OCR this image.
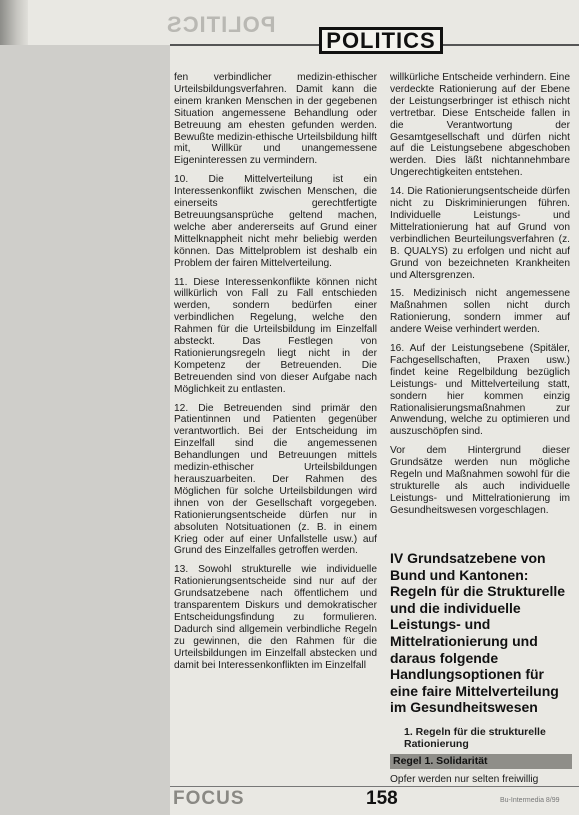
POLITICS
POLITICS

fen verbindlicher medizin-ethischer Urteilsbildungsverfahren. Damit kann die einem kranken Menschen in der gegebenen Situation angemessene Behandlung oder Betreuung am ehesten gefunden werden. Bewußte medizin-ethische Urteilsbildung hilft mit, Willkür und unangemessene Eigeninteressen zu vermindern.

10. Die Mittelverteilung ist ein Interessenkonflikt zwischen Menschen, die einerseits gerechtfertigte Betreuungsansprüche geltend machen, welche aber andererseits auf Grund einer Mittelknappheit nicht mehr beliebig werden können. Das Mittelproblem ist deshalb ein Problem der fairen Mittelverteilung.

11. Diese Interessenkonflikte können nicht willkürlich von Fall zu Fall entschieden werden, sondern bedürfen einer verbindlichen Regelung, welche den Rahmen für die Urteilsbildung im Einzelfall absteckt. Das Festlegen von Rationierungsregeln liegt nicht in der Kompetenz der Betreuenden. Die Betreuenden sind von dieser Aufgabe nach Möglichkeit zu entlasten.

12. Die Betreuenden sind primär den Patientinnen und Patienten gegenüber verantwortlich. Bei der Entscheidung im Einzelfall sind die angemessenen Behandlungen und Betreuungen mittels medizin-ethischer Urteilsbildungen herauszuarbeiten. Der Rahmen des Möglichen für solche Urteilsbildungen wird ihnen von der Gesellschaft vorgegeben. Rationierungsentscheide dürfen nur in absoluten Notsituationen (z. B. in einem Krieg oder auf einer Unfallstelle usw.) auf Grund des Einzelfalles getroffen werden.

13. Sowohl strukturelle wie individuelle Rationierungsentscheide sind nur auf der Grundsatzebene nach öffentlichem und transparentem Diskurs und demokratischer Entscheidungsfindung zu formulieren. Dadurch sind allgemein verbindliche Regeln zu gewinnen, die den Rahmen für die Urteilsbildungen im Einzelfall abstecken und damit bei Interessenkonflikten im Einzelfall

willkürliche Entscheide verhindern. Eine verdeckte Rationierung auf der Ebene der Leistungserbringer ist ethisch nicht vertretbar. Diese Entscheide fallen in die Verantwortung der Gesamtgesellschaft und dürfen nicht auf die Leistungsebene abgeschoben werden. Dies läßt nichtannehmbare Ungerechtigkeiten entstehen.

14. Die Rationierungsentscheide dürfen nicht zu Diskriminierungen führen. Individuelle Leistungs- und Mittelrationierung hat auf Grund von verbindlichen Beurteilungsverfahren (z. B. QUALYS) zu erfolgen und nicht auf Grund von bezeichneten Krankheiten und Altersgrenzen.

15. Medizinisch nicht angemessene Maßnahmen sollen nicht durch Rationierung, sondern immer auf andere Weise verhindert werden.

16. Auf der Leistungsebene (Spitäler, Fachgesellschaften, Praxen usw.) findet keine Regelbildung bezüglich Leistungs- und Mittelverteilung statt, sondern hier kommen einzig Rationalisierungsmaßnahmen zur Anwendung, welche zu optimieren und auszuschöpfen sind.

Vor dem Hintergrund dieser Grundsätze werden nun mögliche Regeln und Maßnahmen sowohl für die strukturelle als auch individuelle Leistungs- und Mittelrationierung im Gesundheitswesen vorgeschlagen.

IV Grundsatzebene von Bund und Kantonen: Regeln für die Strukturelle und die individuelle Leistungs- und Mittelrationierung und daraus folgende Handlungsoptionen für eine faire Mittelverteilung im Gesundheitswesen
1. Regeln für die strukturelle Rationierung
Regel 1. Solidarität
Opfer werden nur selten freiwillig
FOCUS	158	Bu-Intermedia 8/99
